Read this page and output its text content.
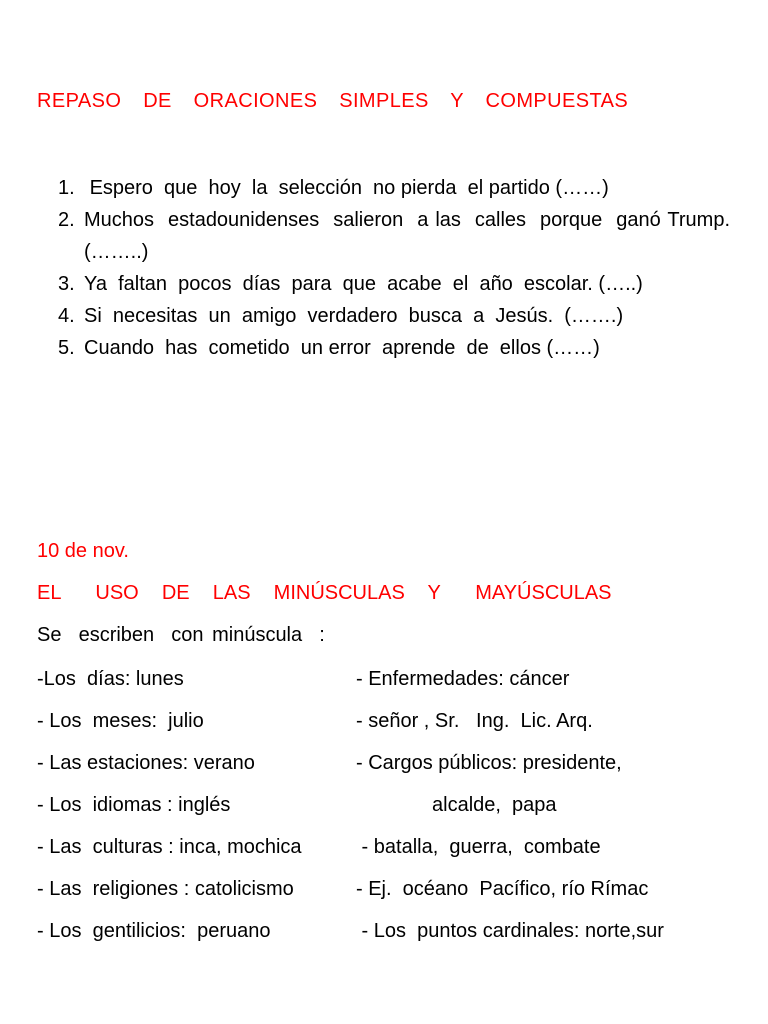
REPASO  DE  ORACIONES  SIMPLES  Y  COMPUESTAS
1. Espero  que  hoy  la  selección  no pierda  el partido (……)
2. Muchos  estadounidenses  salieron  a las  calles  porque  ganó Trump.  (……..)
3. Ya  faltan  pocos  días  para  que  acabe  el  año  escolar. (…..)
4. Si  necesitas  un  amigo  verdadero  busca  a  Jesús.  (…….)
5. Cuando  has  cometido  un error  aprende  de  ellos (……)
10 de nov.
EL   USO  DE  LAS  MINÚSCULAS  Y   MAYÚSCULAS
Se  escriben  con minúscula  :
-Los  días: lunes
- Los  meses:  julio
- Las estaciones: verano
- Los  idiomas : inglés
- Las  culturas : inca, mochica
- Las  religiones : catolicismo
- Los  gentilicios:  peruano
- Enfermedades: cáncer
- señor , Sr.   Ing.  Lic. Arq.
- Cargos públicos: presidente,
alcalde,  papa
- batalla,  guerra,  combate
- Ej.  océano  Pacífico, río Rímac
- Los  puntos cardinales: norte,sur
